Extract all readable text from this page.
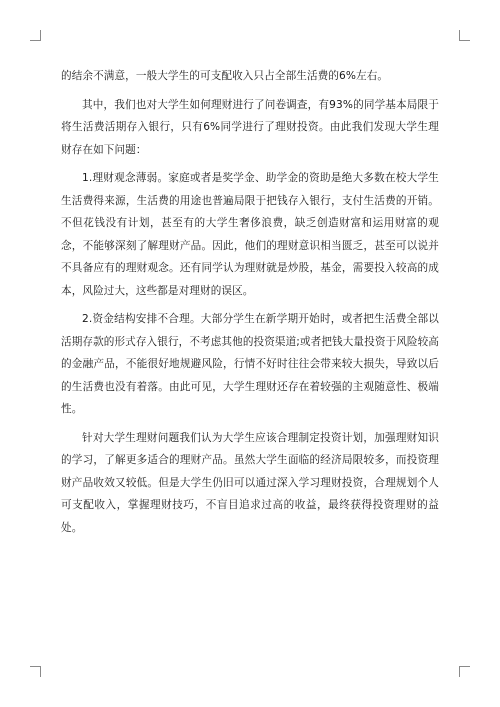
的结余不满意，一般大学生的可支配收入只占全部生活费的6%左右。

其中，我们也对大学生如何理财进行了问卷调查，有93%的同学基本局限于将生活费活期存入银行，只有6%同学进行了理财投资。由此我们发现大学生理财存在如下问题：

1.理财观念薄弱。家庭或者是奖学金、助学金的资助是绝大多数在校大学生生活费得来源，生活费的用途也普遍局限于把钱存入银行，支付生活费的开销。不但花钱没有计划，甚至有的大学生奢侈浪费，缺乏创造财富和运用财富的观念，不能够深刻了解理财产品。因此，他们的理财意识相当匮乏，甚至可以说并不具备应有的理财观念。还有同学认为理财就是炒股，基金，需要投入较高的成本，风险过大，这些都是对理财的误区。

2.资金结构安排不合理。大部分学生在新学期开始时，或者把生活费全部以活期存款的形式存入银行，不考虑其他的投资渠道;或者把钱大量投资于风险较高的金融产品，不能很好地规避风险，行情不好时往往会带来较大损失，导致以后的生活费也没有着落。由此可见，大学生理财还存在着较强的主观随意性、极端性。

针对大学生理财问题我们认为大学生应该合理制定投资计划，加强理财知识的学习，了解更多适合的理财产品。虽然大学生面临的经济局限较多，而投资理财产品收效又较低。但是大学生仍旧可以通过深入学习理财投资，合理规划个人可支配收入，掌握理财技巧，不盲目追求过高的收益，最终获得投资理财的益处。
